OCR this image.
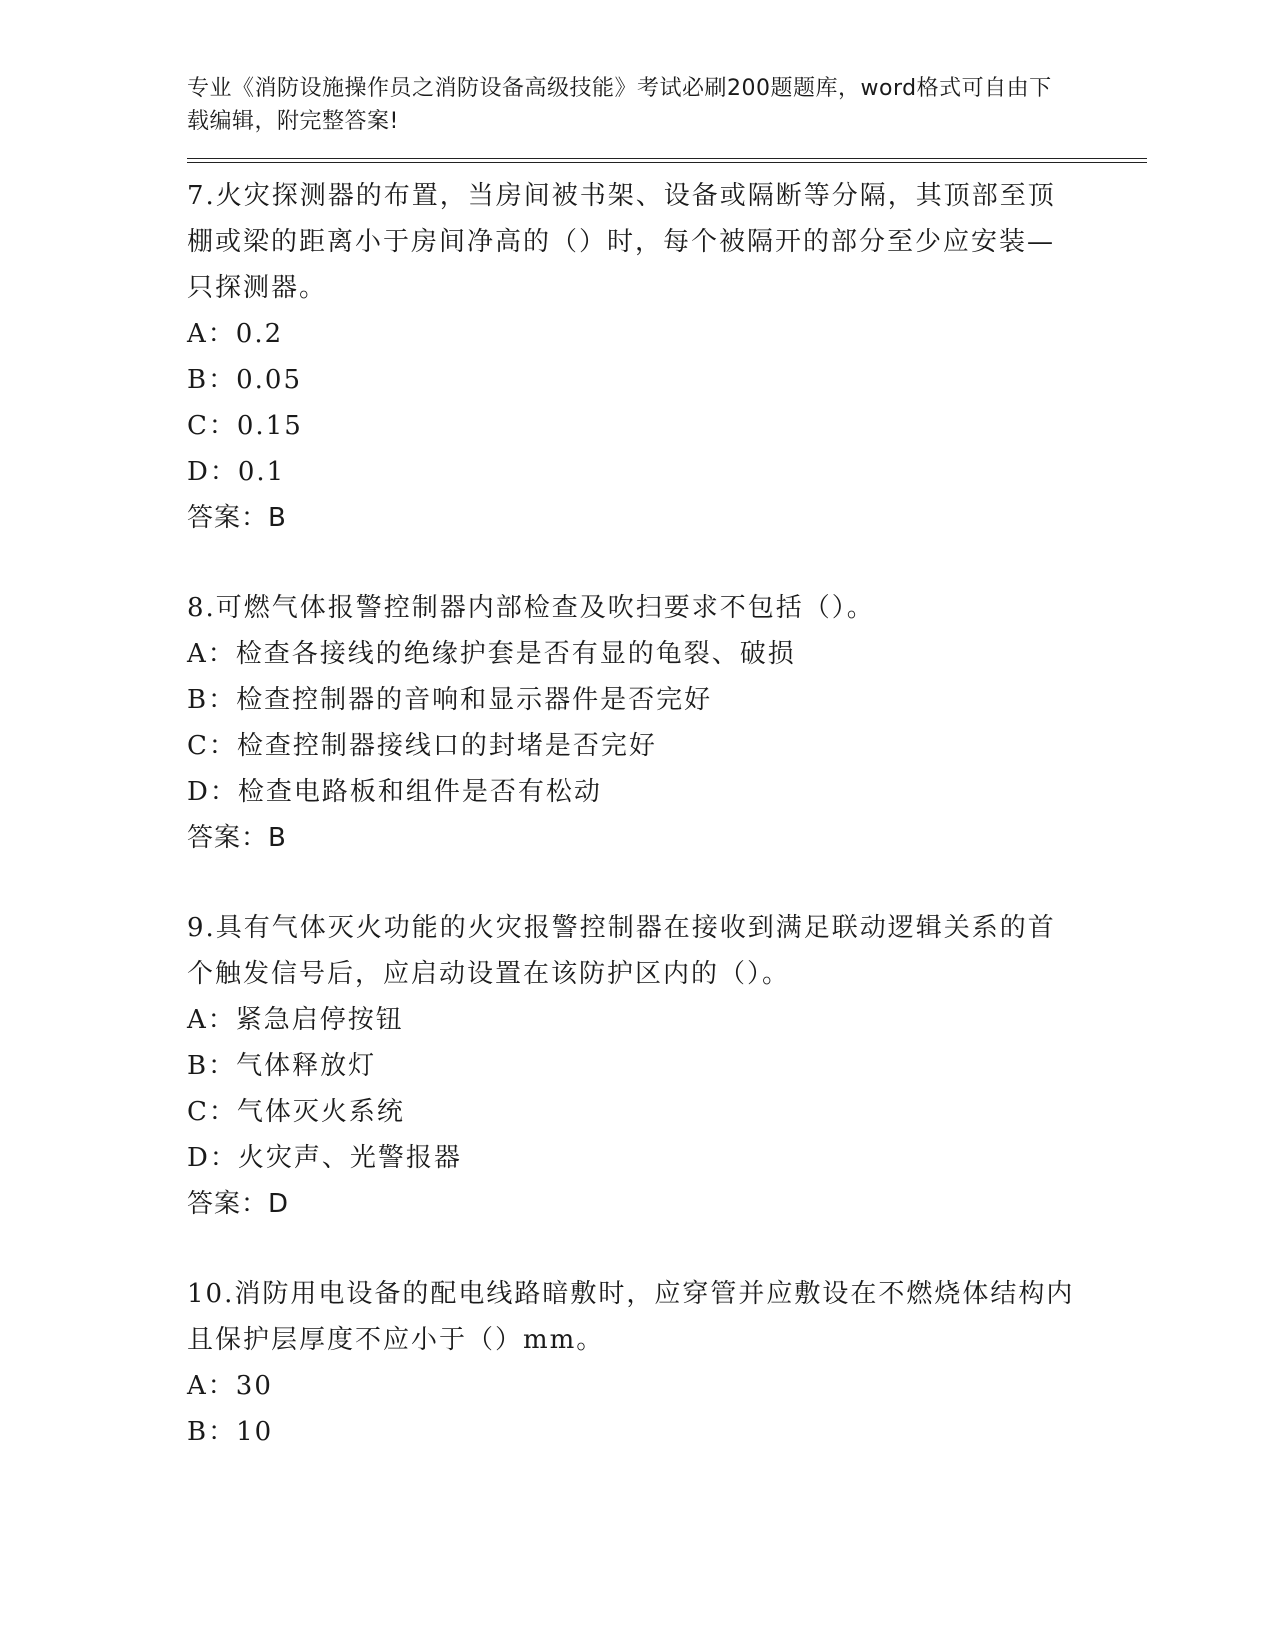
专业《消防设施操作员之消防设备高级技能》考试必刷200题题库，word格式可自由下载编辑，附完整答案!

7.火灾探测器的布置，当房间被书架、设备或隔断等分隔，其顶部至顶棚或梁的距离小于房间净高的（）时，每个被隔开的部分至少应安装—只探测器。

A：0.2
B：0.05
C：0.15
D：0.1
答案：B

8.可燃气体报警控制器内部检查及吹扫要求不包括（）。

A：检查各接线的绝缘护套是否有显的龟裂、破损
B：检查控制器的音响和显示器件是否完好
C：检查控制器接线口的封堵是否完好
D：检查电路板和组件是否有松动
答案：B

9.具有气体灭火功能的火灾报警控制器在接收到满足联动逻辑关系的首个触发信号后，应启动设置在该防护区内的（）。

A：紧急启停按钮
B：气体释放灯
C：气体灭火系统
D：火灾声、光警报器
答案：D

10.消防用电设备的配电线路暗敷时，应穿管并应敷设在不燃烧体结构内且保护层厚度不应小于（）mm。

A：30
B：10
